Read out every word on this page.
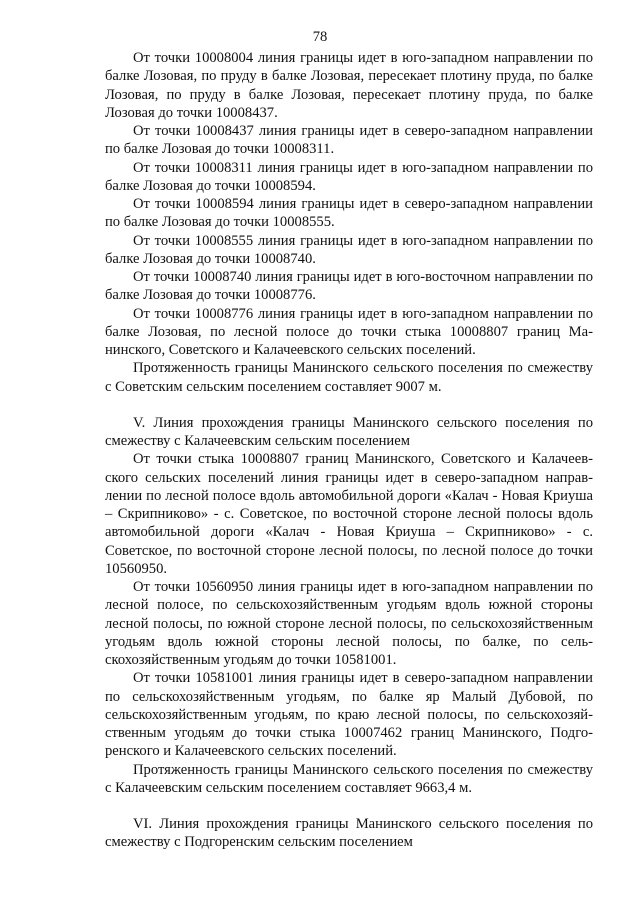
78

От точки 10008004 линия границы идет в юго-западном направлении по балке Лозовая, по пруду в балке Лозовая, пересекает плотину пруда, по балке Лозовая, по пруду в балке Лозовая, пересекает плотину пруда, по балке Лозовая до точки 10008437.

От точки 10008437 линия границы идет в северо-западном направлении по балке Лозовая до точки 10008311.

От точки 10008311 линия границы идет в юго-западном направлении по балке Лозовая до точки 10008594.

От точки 10008594 линия границы идет в северо-западном направлении по балке Лозовая до точки 10008555.

От точки 10008555 линия границы идет в юго-западном направлении по балке Лозовая до точки 10008740.

От точки 10008740 линия границы идет в юго-восточном направлении по балке Лозовая до точки 10008776.

От точки 10008776 линия границы идет в юго-западном направлении по балке Лозовая, по лесной полосе до точки стыка 10008807 границ Манинского, Советского и Калачеевского сельских поселений.

Протяженность границы Манинского сельского поселения по смежеству с Советским сельским поселением составляет 9007 м.

V. Линия прохождения границы Манинского сельского поселения по смежеству с Калачеевским сельским поселением

От точки стыка 10008807 границ Манинского, Советского и Калачеевского сельских поселений линия границы идет в северо-западном направлении по лесной полосе вдоль автомобильной дороги «Калач - Новая Криуша – Скрипниково» - с. Советское, по восточной стороне лесной полосы вдоль автомобильной дороги «Калач - Новая Криуша – Скрипниково» - с. Советское, по восточной стороне лесной полосы, по лесной полосе до точки 10560950.

От точки 10560950 линия границы идет в юго-западном направлении по лесной полосе, по сельскохозяйственным угодьям вдоль южной стороны лесной полосы, по южной стороне лесной полосы, по сельскохозяйственным угодьям вдоль южной стороны лесной полосы, по балке, по сельскохозяйственным угодьям до точки 10581001.

От точки 10581001 линия границы идет в северо-западном направлении по сельскохозяйственным угодьям, по балке яр Малый Дубовой, по сельскохозяйственным угодьям, по краю лесной полосы, по сельскохозяйственным угодьям до точки стыка 10007462 границ Манинского, Подгоренского и Калачеевского сельских поселений.

Протяженность границы Манинского сельского поселения по смежеству с Калачеевским сельским поселением составляет 9663,4 м.

VI. Линия прохождения границы Манинского сельского поселения по смежеству с Подгоренским сельским поселением
